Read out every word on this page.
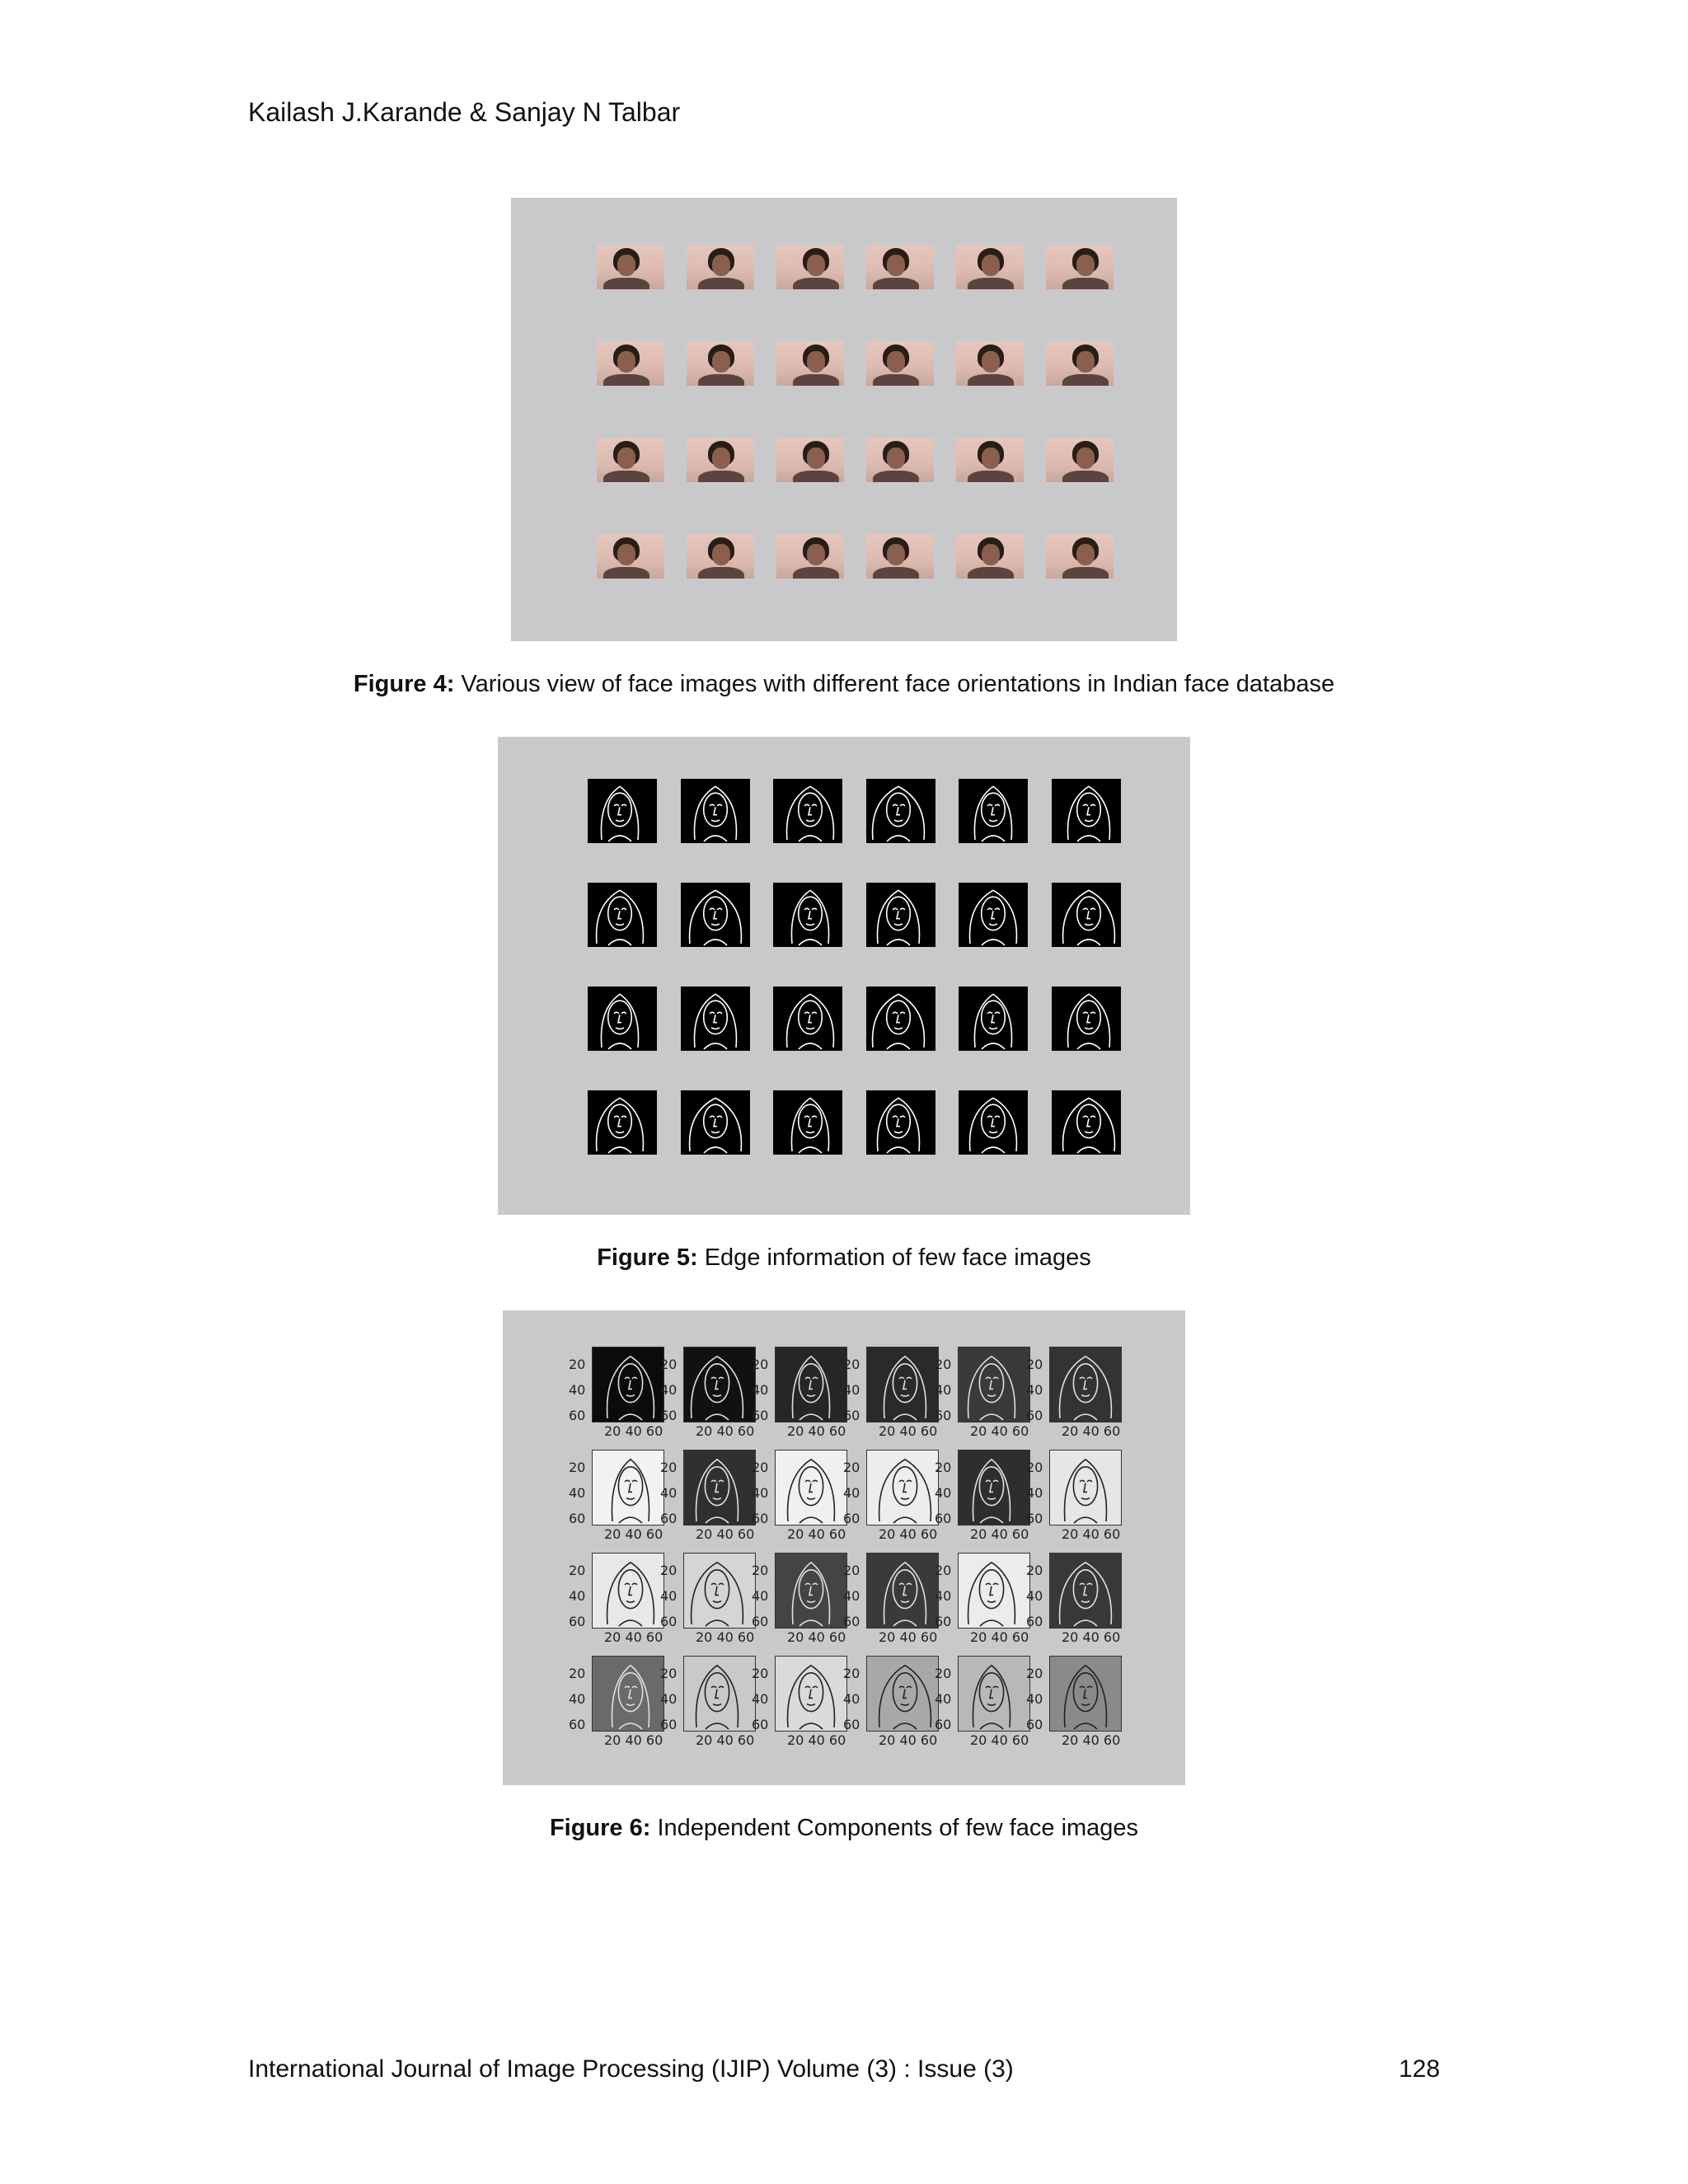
Kailash J.Karande & Sanjay N Talbar
Figure 4: Various view of face images with different face orientations in Indian face database
Figure 5: Edge information of few face images
20
40
60
20 40 60
20
40
60
20 40 60
20
40
60
20 40 60
20
40
60
20 40 60
20
40
60
20 40 60
20
40
60
20 40 60
20
40
60
20 40 60
20
40
60
20 40 60
20
40
60
20 40 60
20
40
60
20 40 60
20
40
60
20 40 60
20
40
60
20 40 60
20
40
60
20 40 60
20
40
60
20 40 60
20
40
60
20 40 60
20
40
60
20 40 60
20
40
60
20 40 60
20
40
60
20 40 60
20
40
60
20 40 60
20
40
60
20 40 60
20
40
60
20 40 60
20
40
60
20 40 60
20
40
60
20 40 60
20
40
60
20 40 60
Figure 6: Independent Components of few face images
International Journal of Image Processing (IJIP) Volume (3) : Issue (3)	128
